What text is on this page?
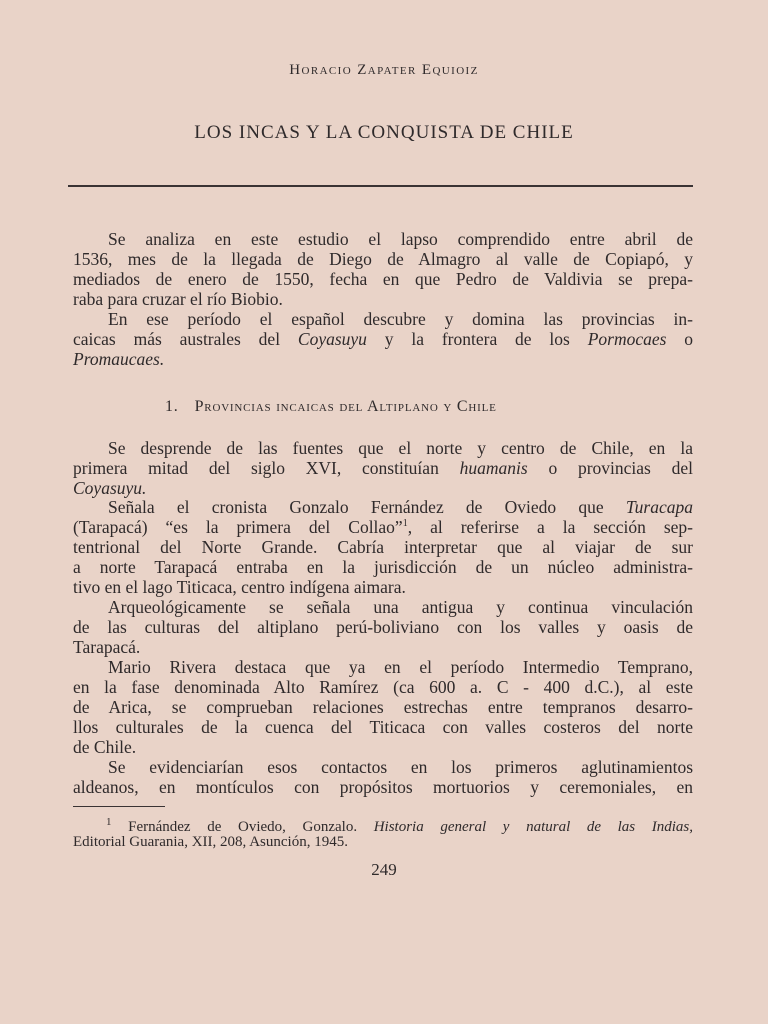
Horacio Zapater Equioiz
LOS INCAS Y LA CONQUISTA DE CHILE
Se analiza en este estudio el lapso comprendido entre abril de
1536, mes de la llegada de Diego de Almagro al valle de Copiapó, y
mediados de enero de 1550, fecha en que Pedro de Valdivia se prepa-
raba para cruzar el río Biobio.
En ese período el español descubre y domina las provincias in-
caicas más australes del Coyasuyu y la frontera de los Pormocaes o
Promaucaes.
1. Provincias incaicas del Altiplano y Chile
Se desprende de las fuentes que el norte y centro de Chile, en la
primera mitad del siglo XVI, constituían huamanis o provincias del
Coyasuyu.
Señala el cronista Gonzalo Fernández de Oviedo que Turacapa
(Tarapacá) “es la primera del Collao”$^1$, al referirse a la sección sep-
tentrional del Norte Grande. Cabría interpretar que al viajar de sur
a norte Tarapacá entraba en la jurisdicción de un núcleo administra-
tivo en el lago Titicaca, centro indígena aimara.
Arqueológicamente se señala una antigua y continua vinculación
de las culturas del altiplano perú-boliviano con los valles y oasis de
Tarapacá.
Mario Rivera destaca que ya en el período Intermedio Temprano,
en la fase denominada Alto Ramírez (ca 600 a. C - 400 d.C.), al este
de Arica, se comprueban relaciones estrechas entre tempranos desarro-
llos culturales de la cuenca del Titicaca con valles costeros del norte
de Chile.
Se evidenciarían esos contactos en los primeros aglutinamientos
aldeanos, en montículos con propósitos mortuorios y ceremoniales, en
$^1$ Fernández de Oviedo, Gonzalo. Historia general y natural de las Indias,
Editorial Guarania, XII, 208, Asunción, 1945.
249
